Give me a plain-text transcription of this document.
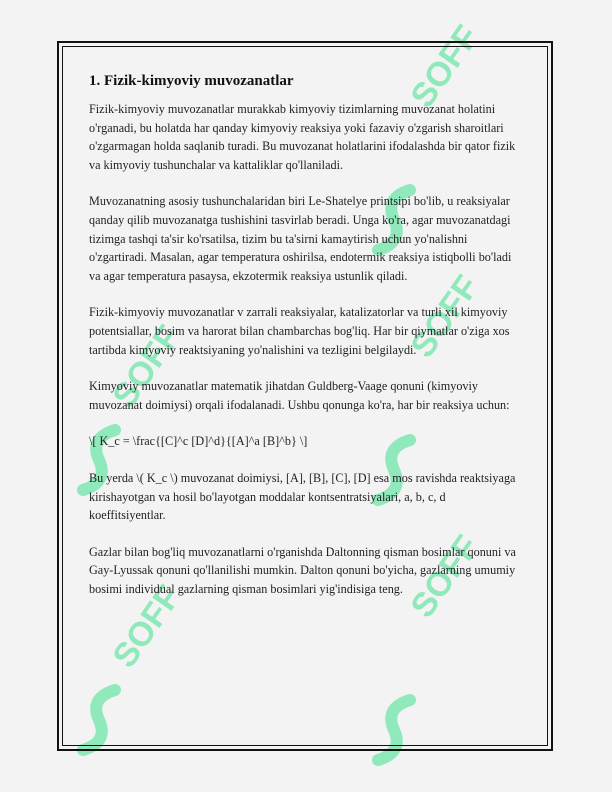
SOFF
SOFF
SOFF
SOFF
SOFF
1. Fizik-kimyoviy muvozanatlar

Fizik-kimyoviy muvozanatlar murakkab kimyoviy tizimlarning muvozanat holatini o'rganadi, bu holatda har qanday kimyoviy reaksiya yoki fazaviy o'zgarish sharoitlari o'zgarmagan holda saqlanib turadi. Bu muvozanat holatlarini ifodalashda bir qator fizik va kimyoviy tushunchalar va kattaliklar qo'llaniladi.

Muvozanatning asosiy tushunchalaridan biri Le-Shatelye printsipi bo'lib, u reaksiyalar qanday qilib muvozanatga tushishini tasvirlab beradi. Unga ko'ra, agar muvozanatdagi tizimga tashqi ta'sir ko'rsatilsa, tizim bu ta'sirni kamaytirish uchun yo'nalishni o'zgartiradi. Masalan, agar temperatura oshirilsa, endotermik reaksiya istiqbolli bo'ladi va agar temperatura pasaysa, ekzotermik reaksiya ustunlik qiladi.

Fizik-kimyoviy muvozanatlar v zarrali reaksiyalar, katalizatorlar va turli xil kimyoviy potentsiallar, bosim va harorat bilan chambarchas bog'liq. Har bir qiymatlar o'ziga xos tartibda kimyoviy reaktsiyaning yo'nalishini va tezligini belgilaydi.

Kimyoviy muvozanatlar matematik jihatdan Guldberg-Vaage qonuni (kimyoviy muvozanat doimiysi) orqali ifodalanadi. Ushbu qonunga ko'ra, har bir reaksiya uchun:

\[ K_c = \frac{[C]^c [D]^d}{[A]^a [B]^b} \]

Bu yerda \( K_c \) muvozanat doimiysi, [A], [B], [C], [D] esa mos ravishda reaktsiyaga kirishayotgan va hosil bo'layotgan moddalar kontsentratsiyalari, a, b, c, d koeffitsiyentlar.

Gazlar bilan bog'liq muvozanatlarni o'rganishda Daltonning qisman bosimlar qonuni va Gay-Lyussak qonuni qo'llanilishi mumkin. Dalton qonuni bo'yicha, gazlarning umumiy bosimi individual gazlarning qisman bosimlari yig'indisiga teng.
